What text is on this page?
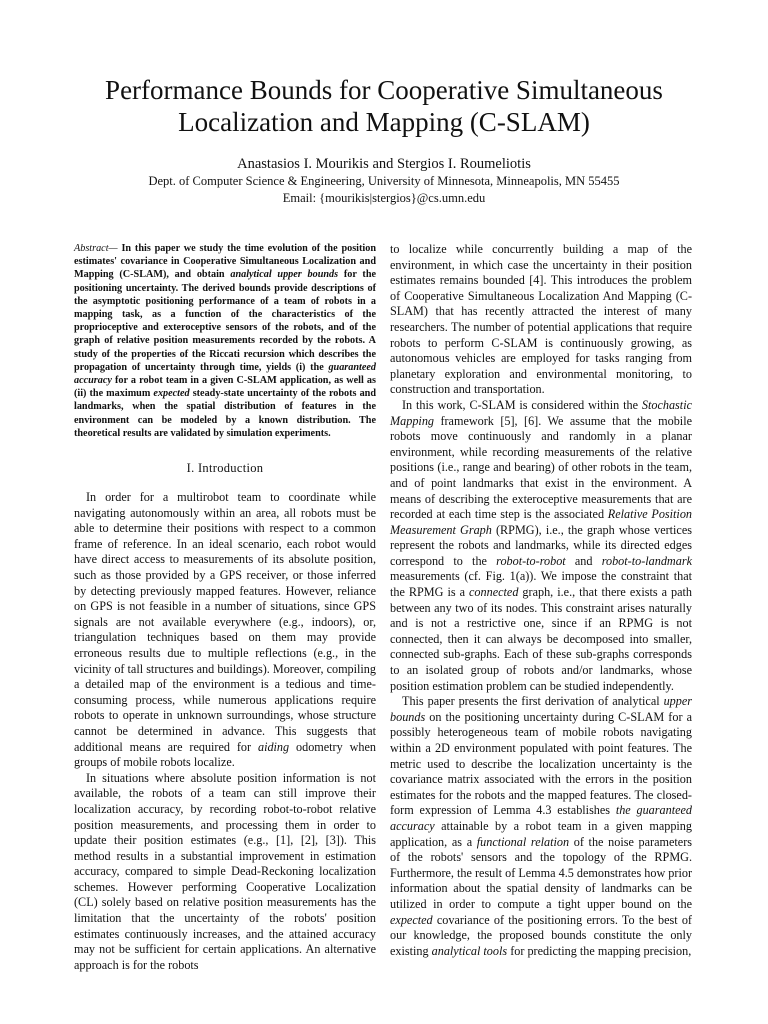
Performance Bounds for Cooperative Simultaneous Localization and Mapping (C-SLAM)
Anastasios I. Mourikis and Stergios I. Roumeliotis
Dept. of Computer Science & Engineering, University of Minnesota, Minneapolis, MN 55455
Email: {mourikis|stergios}@cs.umn.edu

Abstract— In this paper we study the time evolution of the position estimates' covariance in Cooperative Simultaneous Localization and Mapping (C-SLAM), and obtain analytical upper bounds for the positioning uncertainty. The derived bounds provide descriptions of the asymptotic positioning performance of a team of robots in a mapping task, as a function of the characteristics of the proprioceptive and exteroceptive sensors of the robots, and of the graph of relative position measurements recorded by the robots. A study of the properties of the Riccati recursion which describes the propagation of uncertainty through time, yields (i) the guaranteed accuracy for a robot team in a given C-SLAM application, as well as (ii) the maximum expected steady-state uncertainty of the robots and landmarks, when the spatial distribution of features in the environment can be modeled by a known distribution. The theoretical results are validated by simulation experiments.

I. Introduction

In order for a multirobot team to coordinate while navigating autonomously within an area, all robots must be able to determine their positions with respect to a common frame of reference. In an ideal scenario, each robot would have direct access to measurements of its absolute position, such as those provided by a GPS receiver, or those inferred by detecting previously mapped features. However, reliance on GPS is not feasible in a number of situations, since GPS signals are not available everywhere (e.g., indoors), or, triangulation techniques based on them may provide erroneous results due to multiple reflections (e.g., in the vicinity of tall structures and buildings). Moreover, compiling a detailed map of the environment is a tedious and time-consuming process, while numerous applications require robots to operate in unknown surroundings, whose structure cannot be determined in advance. This suggests that additional means are required for aiding odometry when groups of mobile robots localize.

In situations where absolute position information is not available, the robots of a team can still improve their localization accuracy, by recording robot-to-robot relative position measurements, and processing them in order to update their position estimates (e.g., [1], [2], [3]). This method results in a substantial improvement in estimation accuracy, compared to simple Dead-Reckoning localization schemes. However performing Cooperative Localization (CL) solely based on relative position measurements has the limitation that the uncertainty of the robots' position estimates continuously increases, and the attained accuracy may not be sufficient for certain applications. An alternative approach is for the robots

to localize while concurrently building a map of the environment, in which case the uncertainty in their position estimates remains bounded [4]. This introduces the problem of Cooperative Simultaneous Localization And Mapping (C-SLAM) that has recently attracted the interest of many researchers. The number of potential applications that require robots to perform C-SLAM is continuously growing, as autonomous vehicles are employed for tasks ranging from planetary exploration and environmental monitoring, to construction and transportation.

In this work, C-SLAM is considered within the Stochastic Mapping framework [5], [6]. We assume that the mobile robots move continuously and randomly in a planar environment, while recording measurements of the relative positions (i.e., range and bearing) of other robots in the team, and of point landmarks that exist in the environment. A means of describing the exteroceptive measurements that are recorded at each time step is the associated Relative Position Measurement Graph (RPMG), i.e., the graph whose vertices represent the robots and landmarks, while its directed edges correspond to the robot-to-robot and robot-to-landmark measurements (cf. Fig. 1(a)). We impose the constraint that the RPMG is a connected graph, i.e., that there exists a path between any two of its nodes. This constraint arises naturally and is not a restrictive one, since if an RPMG is not connected, then it can always be decomposed into smaller, connected sub-graphs. Each of these sub-graphs corresponds to an isolated group of robots and/or landmarks, whose position estimation problem can be studied independently.

This paper presents the first derivation of analytical upper bounds on the positioning uncertainty during C-SLAM for a possibly heterogeneous team of mobile robots navigating within a 2D environment populated with point features. The metric used to describe the localization uncertainty is the covariance matrix associated with the errors in the position estimates for the robots and the mapped features. The closed-form expression of Lemma 4.3 establishes the guaranteed accuracy attainable by a robot team in a given mapping application, as a functional relation of the noise parameters of the robots' sensors and the topology of the RPMG. Furthermore, the result of Lemma 4.5 demonstrates how prior information about the spatial density of landmarks can be utilized in order to compute a tight upper bound on the expected covariance of the positioning errors. To the best of our knowledge, the proposed bounds constitute the only existing analytical tools for predicting the mapping precision,
